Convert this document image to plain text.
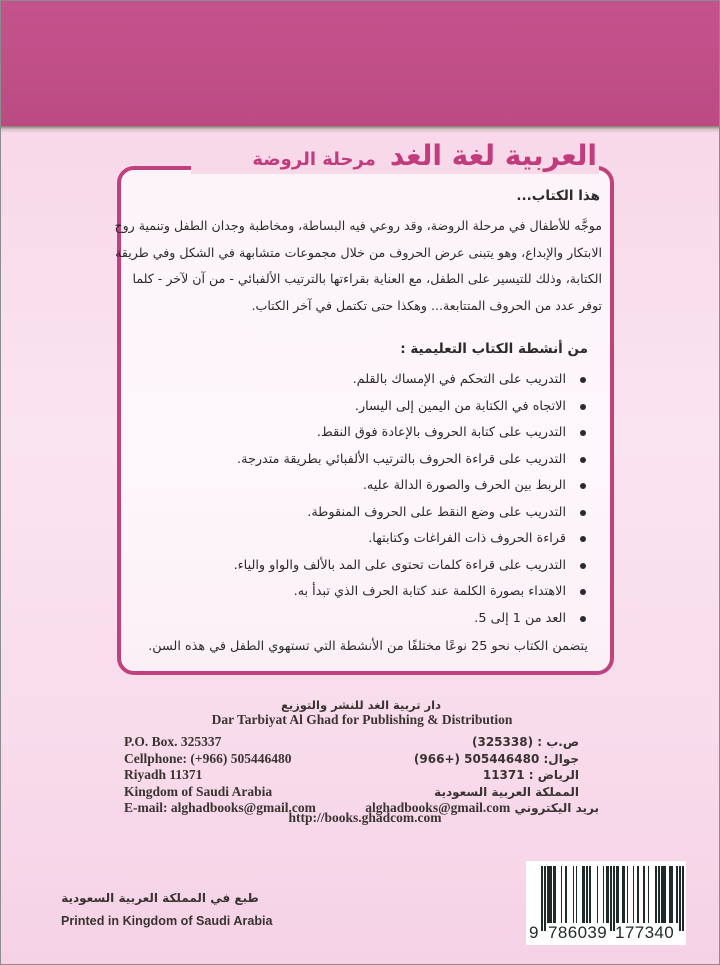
هذا الكتاب...
موجَّه للأطفال في مرحلة الروضة، وقد روعي فيه البساطة، ومخاطبة وجدان الطفل وتنمية روح
الابتكار والإبداع، وهو يتبنى عرض الحروف من خلال مجموعات متشابهة في الشكل وفي طريقة
الكتابة، وذلك للتيسير على الطفل، مع العناية بقراءتها بالترتيب الألفبائي - من آن لآخر - كلما
توفر عدد من الحروف المتتابعة... وهكذا حتى تكتمل في آخر الكتاب.
من أنشطة الكتاب التعليمية :
التدريب على التحكم في الإمساك بالقلم.
الاتجاه في الكتابة من اليمين إلى اليسار.
التدريب على كتابة الحروف بالإعادة فوق النقط.
التدريب على قراءة الحروف بالترتيب الألفبائي بطريقة متدرجة.
الربط بين الحرف والصورة الدالة عليه.
التدريب على وضع النقط على الحروف المنقوطة.
قراءة الحروف ذات الفراغات وكتابتها.
التدريب على قراءة كلمات تحتوى على المد بالألف والواو والياء.
الاهتداء بصورة الكلمة عند كتابة الحرف الذي تبدأ به.
العد من 1 إلى 5.
يتضمن الكتاب نحو 25 نوعًا مختلفًا من الأنشطة التي تستهوي الطفل في هذه السن.
العربية لغة الغد
مرحلة الروضة
دار تربية الغد للنشر والتوزيع
Dar Tarbiyat Al Ghad for Publishing & Distribution
P.O. Box. 325337
Cellphone: (+966) 505446480
Riyadh 11371
Kingdom of Saudi Arabia
E-mail: alghadbooks@gmail.com
ص.ب : (325338)
جوال: 505446480 (+966)
الرياض : 11371
المملكة العربية السعودية
بريد اليكتروني alghadbooks@gmail.com
http://books.ghadcom.com
طبع في المملكة العربية السعودية
Printed in Kingdom of Saudi Arabia
9 786039 177340
